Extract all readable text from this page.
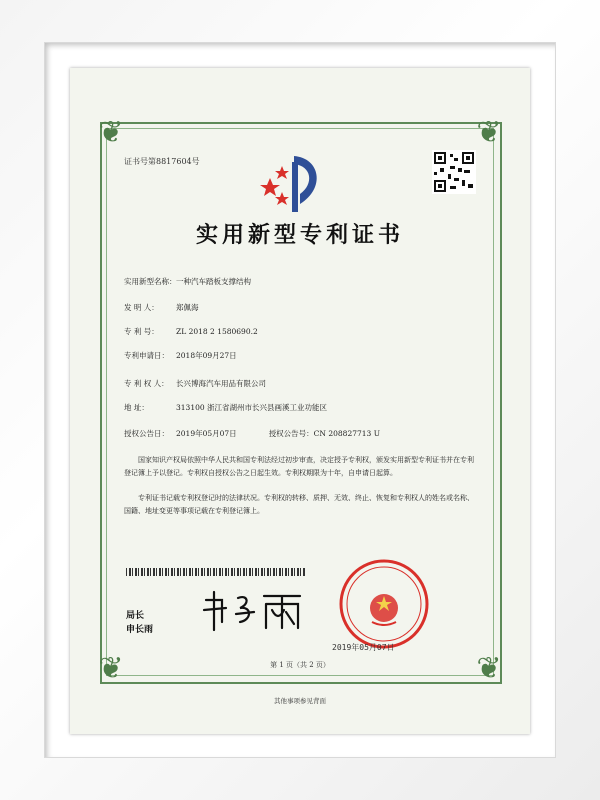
❦	❦
❦	❦
证书号第8817604号
实用新型专利证书
实用新型名称：一种汽车踏板支撑结构
发 明 人： 郑佩海
专 利 号： ZL 2018 2 1580690.2
专利申请日： 2018年09月27日
专 利 权 人： 长兴博海汽车用品有限公司
地 址：	313100 浙江省湖州市长兴县画溪工业功能区
授权公告日： 2019年05月07日	授权公告号：CN 208827713 U
国家知识产权局依照中华人民共和国专利法经过初步审查，决定授予专利权，颁发实用新型专利证书并在专利登记簿上予以登记。专利权自授权公告之日起生效。专利权期限为十年，自申请日起算。
专利证书记载专利权登记时的法律状况。专利权的转移、质押、无效、终止、恢复和专利权人的姓名或名称、国籍、地址变更等事项记载在专利登记簿上。
局长
申长雨
2019年05月07日
第 1 页（共 2 页）
其他事项参见背面
